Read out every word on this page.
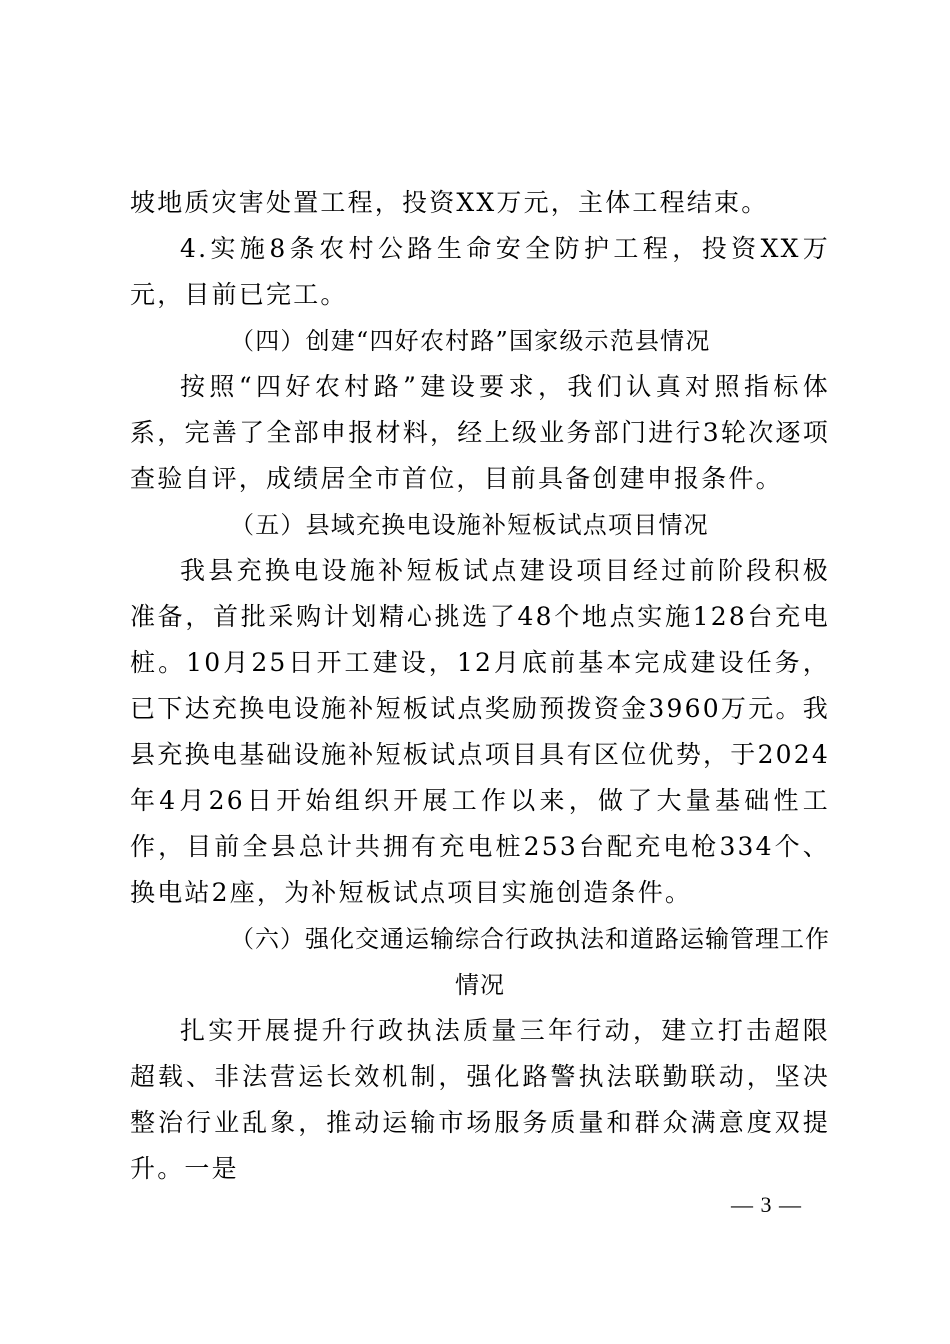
坡地质灾害处置工程，投资XX万元，主体工程结束。

4.实施8条农村公路生命安全防护工程，投资XX万元，目前已完工。

（四）创建“四好农村路”国家级示范县情况

按照“四好农村路”建设要求，我们认真对照指标体系，完善了全部申报材料，经上级业务部门进行3轮次逐项查验自评，成绩居全市首位，目前具备创建申报条件。

（五）县域充换电设施补短板试点项目情况

我县充换电设施补短板试点建设项目经过前阶段积极准备，首批采购计划精心挑选了48个地点实施128台充电桩。10月25日开工建设，12月底前基本完成建设任务，已下达充换电设施补短板试点奖励预拨资金3960万元。我县充换电基础设施补短板试点项目具有区位优势，于2024年4月26日开始组织开展工作以来，做了大量基础性工作，目前全县总计共拥有充电桩253台配充电枪334个、换电站2座，为补短板试点项目实施创造条件。

（六）强化交通运输综合行政执法和道路运输管理工作

情况

扎实开展提升行政执法质量三年行动，建立打击超限超载、非法营运长效机制，强化路警执法联勤联动，坚决整治行业乱象，推动运输市场服务质量和群众满意度双提升。一是

— 3 —
